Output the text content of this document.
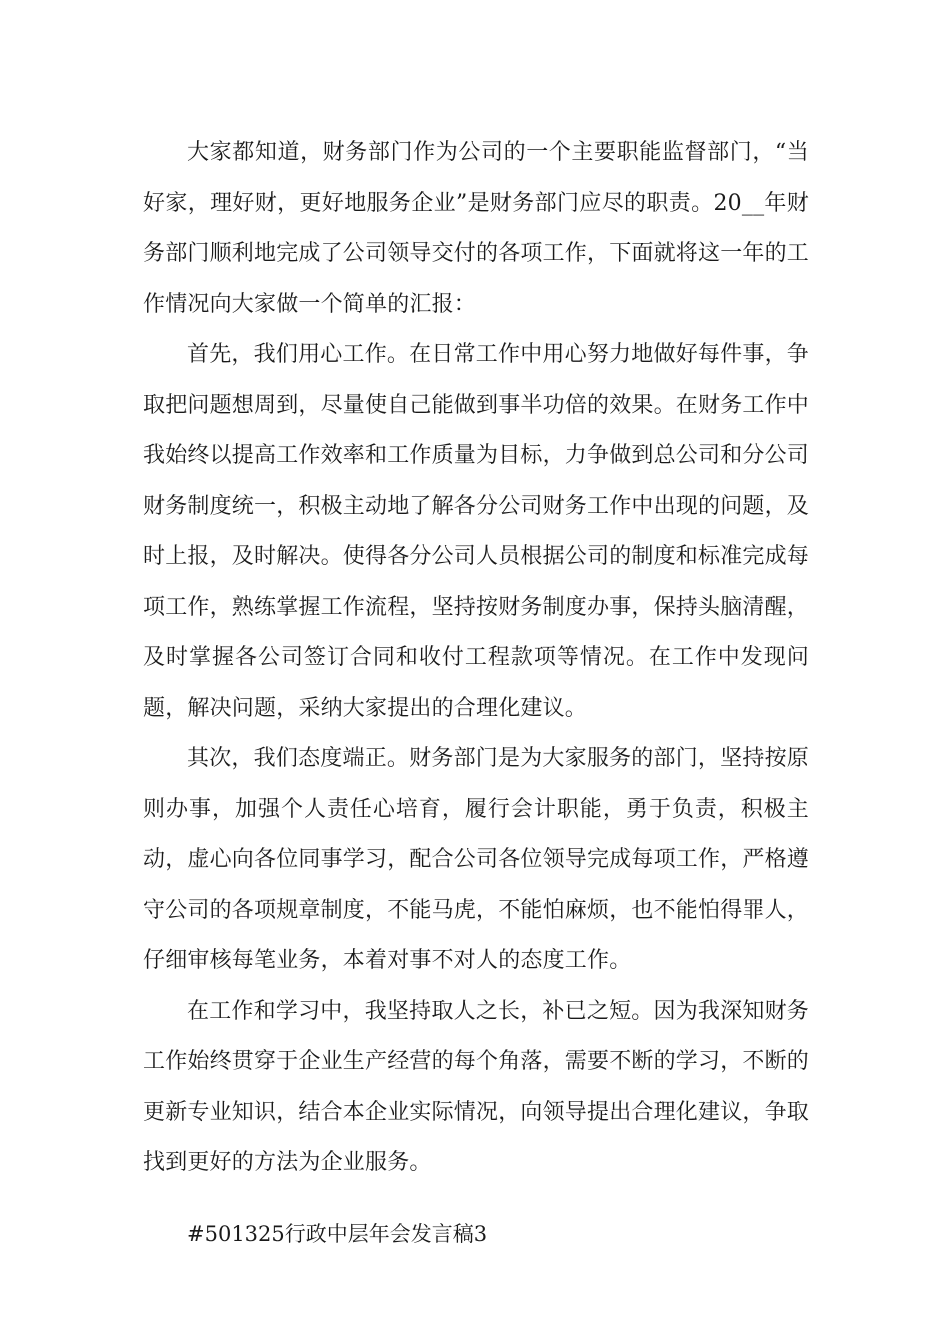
大家都知道，财务部门作为公司的一个主要职能监督部门，“当好家，理好财，更好地服务企业”是财务部门应尽的职责。20__年财务部门顺利地完成了公司领导交付的各项工作，下面就将这一年的工作情况向大家做一个简单的汇报：

首先，我们用心工作。在日常工作中用心努力地做好每件事，争取把问题想周到，尽量使自己能做到事半功倍的效果。在财务工作中我始终以提高工作效率和工作质量为目标，力争做到总公司和分公司财务制度统一，积极主动地了解各分公司财务工作中出现的问题，及时上报，及时解决。使得各分公司人员根据公司的制度和标准完成每项工作，熟练掌握工作流程，坚持按财务制度办事，保持头脑清醒，及时掌握各公司签订合同和收付工程款项等情况。在工作中发现问题，解决问题，采纳大家提出的合理化建议。

其次，我们态度端正。财务部门是为大家服务的部门，坚持按原则办事，加强个人责任心培育，履行会计职能，勇于负责，积极主动，虚心向各位同事学习，配合公司各位领导完成每项工作，严格遵守公司的各项规章制度，不能马虎，不能怕麻烦，也不能怕得罪人，仔细审核每笔业务，本着对事不对人的态度工作。

在工作和学习中，我坚持取人之长，补已之短。因为我深知财务工作始终贯穿于企业生产经营的每个角落，需要不断的学习，不断的更新专业知识，结合本企业实际情况，向领导提出合理化建议，争取找到更好的方法为企业服务。

#501325行政中层年会发言稿3
